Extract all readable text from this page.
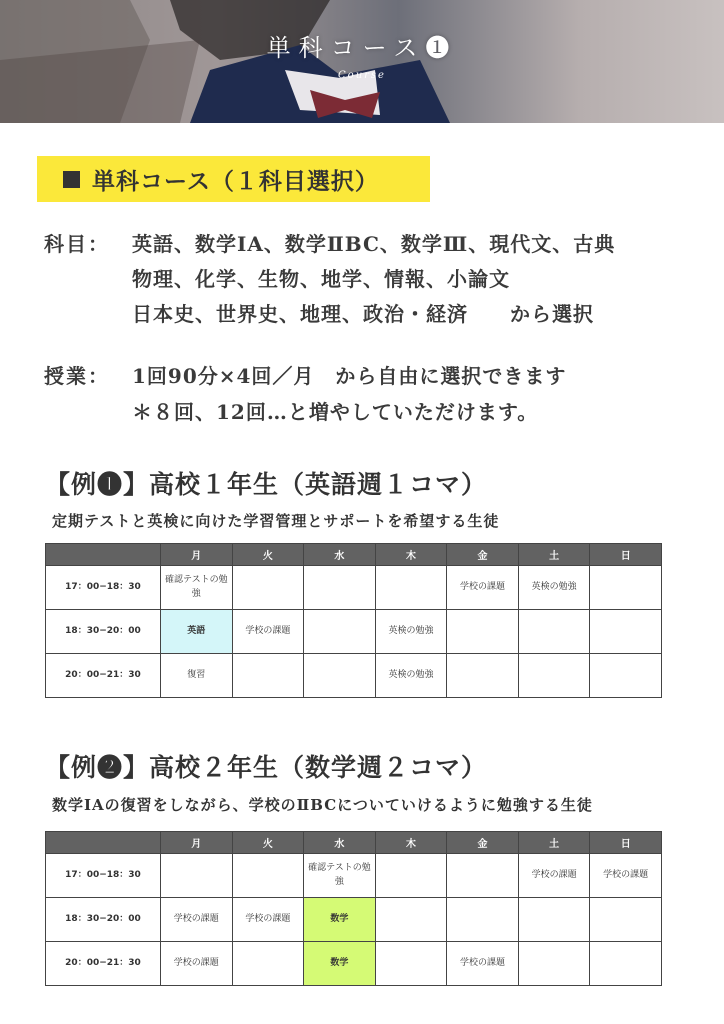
単科コース❶
Course
単科コース（１科目選択）
科目： 英語、数学ⅠA、数学ⅡBC、数学Ⅲ、現代文、古典
物理、化学、生物、地学、情報、小論文
日本史、世界史、地理、政治・経済　　から選択
授業： 1回90分×4回／月　から自由に選択できます
＊８回、12回…と増やしていただけます。
【例❶】高校１年生（英語週１コマ）
定期テストと英検に向けた学習管理とサポートを希望する生徒
	月	火	水	木	金	土	日
17：00−18：30	確認テストの勉強				学校の課題	英検の勉強	
18：30−20：00	英語	学校の課題		英検の勉強			
20：00−21：30	復習			英検の勉強			
【例❷】高校２年生（数学週２コマ）
数学ⅠAの復習をしながら、学校のⅡBCについていけるように勉強する生徒
	月	火	水	木	金	土	日
17：00−18：30			確認テストの勉強			学校の課題	学校の課題
18：30−20：00	学校の課題	学校の課題	数学				
20：00−21：30	学校の課題		数学		学校の課題		
